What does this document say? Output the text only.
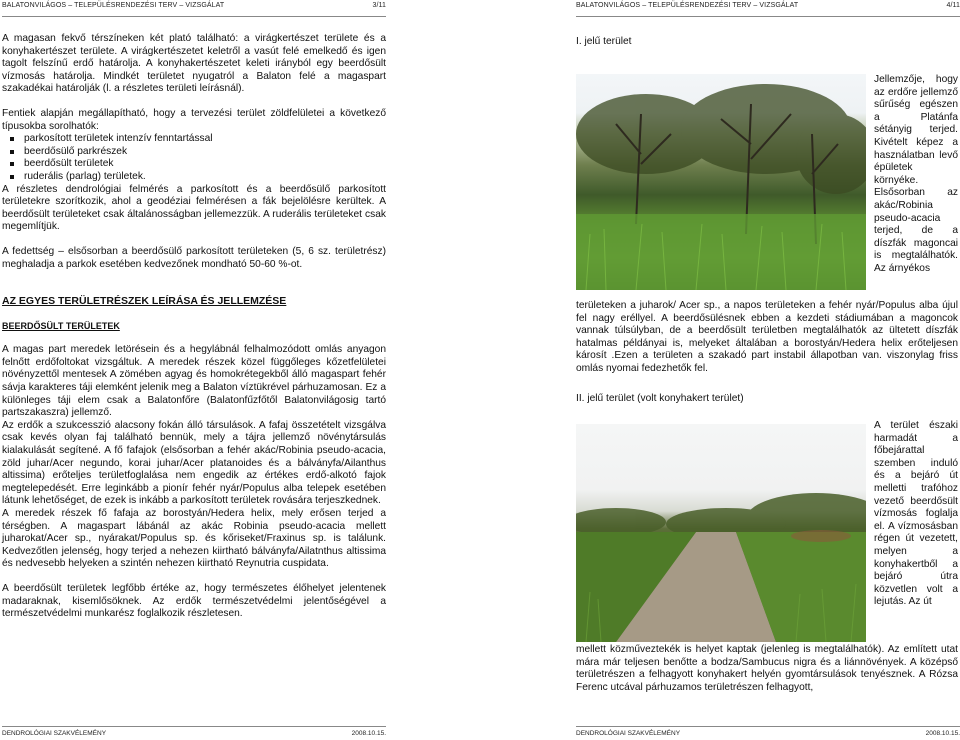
BALATONVILÁGOS – TELEPÜLÉSRENDEZÉSI TERV – VIZSGÁLAT	3/11

A magasan fekvő térszíneken két plató található: a virágkertészet területe és a konyhakertészet területe. A virágkertészetet keletről a vasút felé emelkedő és igen tagolt felszínű erdő határolja. A konyhakertészetet keleti irányból egy beerdősült vízmosás határolja. Mindkét területet nyugatról a Balaton felé a magaspart szakadékai határolják (l. a részletes területi leírásnál).

Fentiek alapján megállapítható, hogy a tervezési terület zöldfelületei a következő típusokba sorolhatók:

parkosított területek intenzív fenntartással
beerdősülő parkrészek
beerdősült területek
ruderális (parlag) területek.

A részletes dendrológiai felmérés a parkosított és a beerdősülő parkosított területekre szorítkozik, ahol a geodéziai felmérésen a fák bejelölésre kerültek. A beerdősült területeket csak általánosságban jellemezzük. A ruderális területeket csak megemlítjük.

A fedettség – elsősorban a beerdősülő parkosított területeken (5, 6 sz. területrész) meghaladja a parkok esetében kedvezőnek mondható 50-60 %-ot.

AZ EGYES TERÜLETRÉSZEK LEÍRÁSA ÉS JELLEMZÉSE

BEERDŐSÜLT TERÜLETEK

A magas part meredek letörésein és a hegylábnál felhalmozódott omlás anyagon felnőtt erdőfoltokat vizsgáltuk. A meredek részek közel függőleges kőzetfelületei növényzettől mentesek A zömében agyag és homokrétegekből álló magaspart fehér sávja karakteres táji elemként jelenik meg a Balaton víztükrével párhuzamosan. Ez a különleges táji elem csak a Balatonfőre (Balatonfűzfőtől Balatonvilágosig tartó partszakaszra) jellemző.

Az erdők a szukcesszió alacsony fokán álló társulások. A fafaj összetételt vizsgálva csak kevés olyan faj található bennük, mely a tájra jellemző növénytársulás kialakulását segítené. A fő fafajok (elsősorban a fehér akác/Robinia pseudo-acacia, zöld juhar/Acer negundo, korai juhar/Acer platanoides és a bálványfa/Ailanthus altissima) erőteljes területfoglalása nem engedik az értékes erdő-alkotó fajok megtelepedését. Erre leginkább a pionír fehér nyár/Populus alba telepek esetében látunk lehetőséget, de ezek is inkább a parkosított területek rovására terjeszkednek.

A meredek részek fő fafaja az borostyán/Hedera helix, mely erősen terjed a térségben. A magaspart lábánál az akác Robinia pseudo-acacia mellett juharokat/Acer sp., nyárakat/Populus sp. és kőriseket/Fraxinus sp. is találunk. Kedvezőtlen jelenség, hogy terjed a nehezen kiirtható bálványfa/Ailatnthus altissima és nedvesebb helyeken a szintén nehezen kiirtható Reynutria cuspidata.

A beerdősült területek legfőbb értéke az, hogy természetes élőhelyet jelentenek madaraknak, kisemlősöknek. Az erdők természetvédelmi jelentőségével a természetvédelmi munkarész foglalkozik részletesen.

DENDROLÓGIAI SZAKVÉLEMÉNY	2008.10.15.
BALATONVILÁGOS – TELEPÜLÉSRENDEZÉSI TERV – VIZSGÁLAT	4/11

I. jelű terület

Jellemzője, hogy az erdőre jellemző sűrűség egészen a Platánfa sétányig terjed. Kivételt képez a használatban levő épületek környéke. Elsősorban az akác/Robinia pseudo-acacia terjed, de a díszfák magoncai is megtalálhatók. Az árnyékos

területeken a juharok/ Acer sp., a napos területeken a fehér nyár/Populus alba újul fel nagy eréllyel. A beerdősülésnek ebben a kezdeti stádiumában a magoncok vannak túlsúlyban, de a beerdősült területben megtalálhatók az ültetett díszfák hatalmas példányai is, melyeket általában a borostyán/Hedera helix erőteljesen károsít .Ezen a területen a szakadó part instabil állapotban van. viszonylag friss omlás nyomai fedezhetők fel.

II. jelű terület (volt konyhakert terület)

A terület északi harmadát a főbejárattal szemben induló és a bejáró út melletti trafóhoz vezető beerdősült vízmosás foglalja el. A vízmosásban régen út vezetett, melyen a konyhakertből a bejáró útra közvetlen volt a lejutás. Az út

mellett közműveztekék is helyet kaptak (jelenleg is megtalálhatók). Az említett utat mára már teljesen benőtte a bodza/Sambucus nigra és a liánnövények. A középső területrészen a felhagyott konyhakert helyén gyomtársulások tenyésznek. A Rózsa Ferenc utcával párhuzamos területrészen felhagyott,

DENDROLÓGIAI SZAKVÉLEMÉNY	2008.10.15.
